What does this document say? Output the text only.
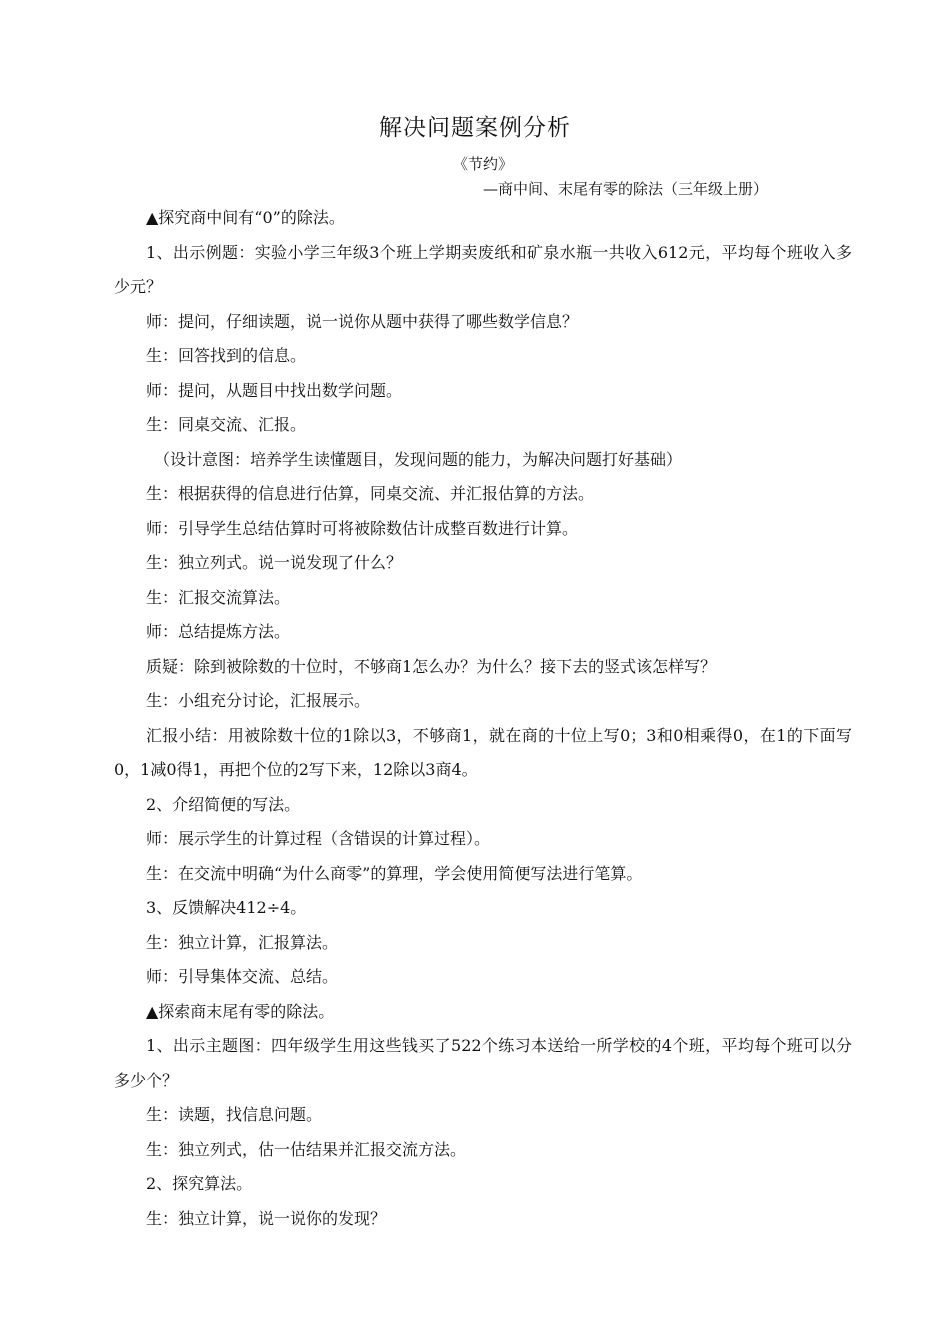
解决问题案例分析

《节约》

—商中间、末尾有零的除法（三年级上册）

▲探究商中间有“0”的除法。

1、出示例题：实验小学三年级3个班上学期卖废纸和矿泉水瓶一共收入612元，平均每个班收入多少元？

师：提问，仔细读题，说一说你从题中获得了哪些数学信息？

生：回答找到的信息。

师：提问，从题目中找出数学问题。

生：同桌交流、汇报。

（设计意图：培养学生读懂题目，发现问题的能力，为解决问题打好基础）

生：根据获得的信息进行估算，同桌交流、并汇报估算的方法。

师：引导学生总结估算时可将被除数估计成整百数进行计算。

生：独立列式。说一说发现了什么？

生：汇报交流算法。

师：总结提炼方法。

质疑：除到被除数的十位时，不够商1怎么办？为什么？接下去的竖式该怎样写？

生：小组充分讨论，汇报展示。

汇报小结：用被除数十位的1除以3，不够商1，就在商的十位上写0；3和0相乘得0，在1的下面写0，1减0得1，再把个位的2写下来，12除以3商4。

2、介绍简便的写法。

师：展示学生的计算过程（含错误的计算过程）。

生：在交流中明确“为什么商零”的算理，学会使用简便写法进行笔算。

3、反馈解决412÷4。

生：独立计算，汇报算法。

师：引导集体交流、总结。

▲探索商末尾有零的除法。

1、出示主题图：四年级学生用这些钱买了522个练习本送给一所学校的4个班，平均每个班可以分多少个？

生：读题，找信息问题。

生：独立列式，估一估结果并汇报交流方法。

2、探究算法。

生：独立计算，说一说你的发现？
